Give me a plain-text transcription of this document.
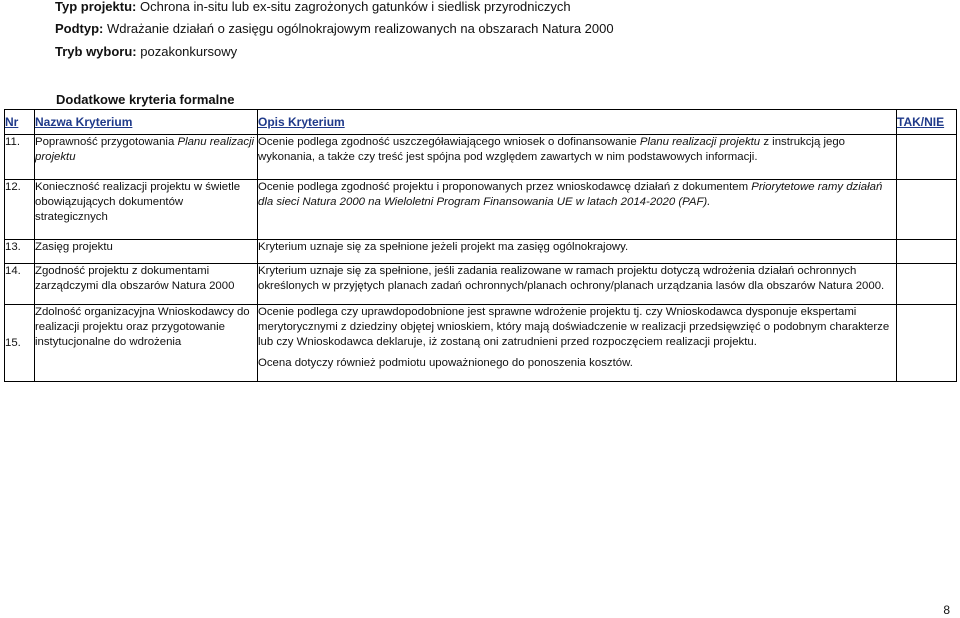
Typ projektu: Ochrona in-situ lub ex-situ zagrożonych gatunków i siedlisk przyrodniczych
Podtyp: Wdrażanie działań o zasięgu ogólnokrajowym realizowanych na obszarach Natura 2000
Tryb wyboru: pozakonkursowy
Dodatkowe kryteria formalne
Nr	Nazwa Kryterium	Opis Kryterium	TAK/NIE
11.	Poprawność przygotowania Planu realizacji projektu	Ocenie podlega zgodność uszczegóławiającego wniosek o dofinansowanie Planu realizacji projektu z instrukcją jego wykonania, a także czy treść jest spójna pod względem zawartych w nim podstawowych informacji.	
12.	Konieczność realizacji projektu w świetle obowiązujących dokumentów strategicznych	Ocenie podlega zgodność projektu i proponowanych przez wnioskodawcę działań z dokumentem Priorytetowe ramy działań dla sieci Natura 2000 na Wieloletni Program Finansowania UE w latach 2014-2020 (PAF).	
13.	Zasięg projektu	Kryterium uznaje się za spełnione jeżeli projekt ma zasięg ogólnokrajowy.	
14.	Zgodność projektu z dokumentami zarządczymi dla obszarów Natura 2000	Kryterium uznaje się za spełnione, jeśli zadania realizowane w ramach projektu dotyczą wdrożenia działań ochronnych określonych w przyjętych planach zadań ochronnych/planach ochrony/planach urządzania lasów dla obszarów Natura 2000.	
15.	Zdolność organizacyjna Wnioskodawcy do realizacji projektu oraz przygotowanie instytucjonalne do wdrożenia	Ocenie podlega czy uprawdopodobnione jest sprawne wdrożenie projektu tj. czy Wnioskodawca dysponuje ekspertami merytorycznymi z dziedziny objętej wnioskiem, który mają doświadczenie w realizacji przedsięwzięć o podobnym charakterze lub czy Wnioskodawca deklaruje, iż zostaną oni zatrudnieni przed rozpoczęciem realizacji projektu.

Ocena dotyczy również podmiotu upoważnionego do ponoszenia kosztów.	

8
